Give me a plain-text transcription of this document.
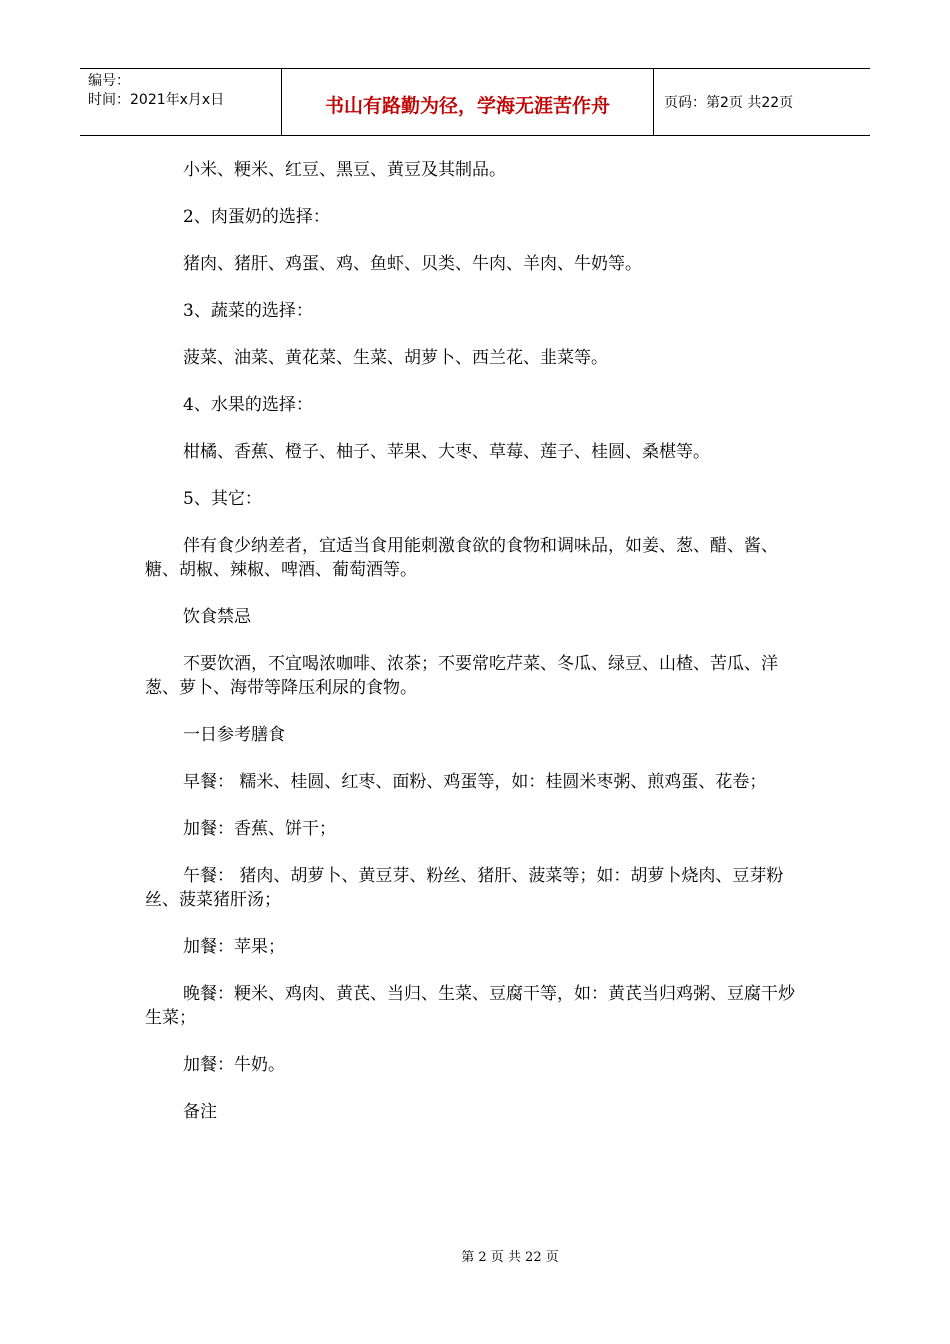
编号：
时间：2021年x月x日	书山有路勤为径，学海无涯苦作舟	页码：第2页 共22页

小米、粳米、红豆、黑豆、黄豆及其制品。

2、肉蛋奶的选择：

猪肉、猪肝、鸡蛋、鸡、鱼虾、贝类、牛肉、羊肉、牛奶等。

3、蔬菜的选择：

菠菜、油菜、黄花菜、生菜、胡萝卜、西兰花、韭菜等。

4、水果的选择：

柑橘、香蕉、橙子、柚子、苹果、大枣、草莓、莲子、桂圆、桑椹等。

5、其它：

伴有食少纳差者，宜适当食用能刺激食欲的食物和调味品，如姜、葱、醋、酱、糖、胡椒、辣椒、啤酒、葡萄酒等。

饮食禁忌

不要饮酒，不宜喝浓咖啡、浓茶；不要常吃芹菜、冬瓜、绿豆、山楂、苦瓜、洋葱、萝卜、海带等降压利尿的食物。

一日参考膳食

早餐： 糯米、桂圆、红枣、面粉、鸡蛋等，如：桂圆米枣粥、煎鸡蛋、花卷；

加餐：香蕉、饼干；

午餐： 猪肉、胡萝卜、黄豆芽、粉丝、猪肝、菠菜等；如：胡萝卜烧肉、豆芽粉丝、菠菜猪肝汤；

加餐：苹果；

晚餐：粳米、鸡肉、黄芪、当归、生菜、豆腐干等，如：黄芪当归鸡粥、豆腐干炒生菜；

加餐：牛奶。

备注

第 2 页 共 22 页
